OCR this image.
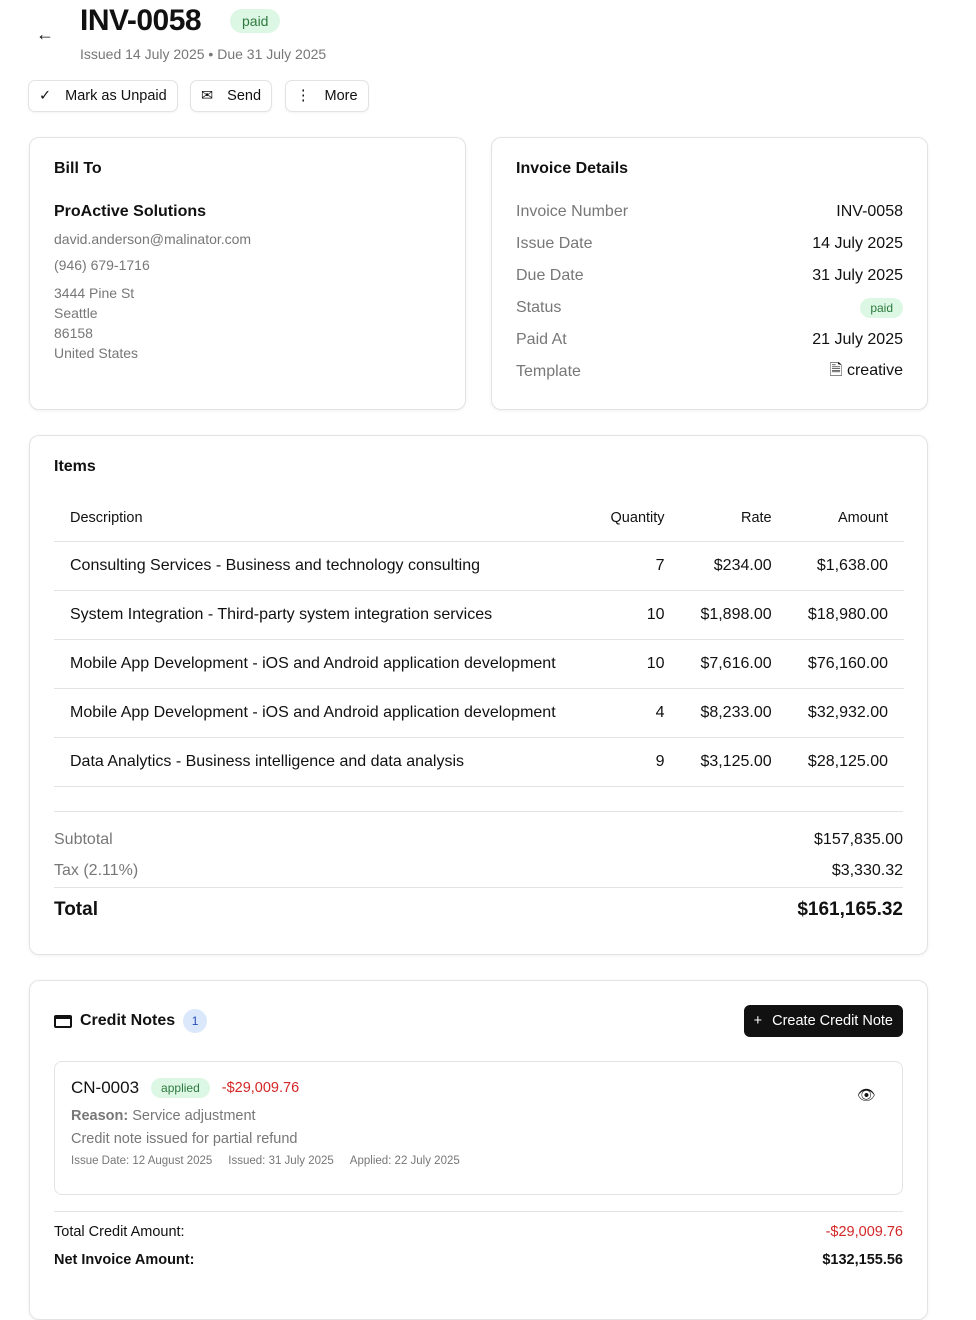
← INV-0058	paid
Issued 14 July 2025 • Due 31 July 2025
✓ Mark as Unpaid ✉ Send ⋮ More
Bill To
ProActive Solutions
david.anderson@malinator.com
(946) 679-1716
3444 Pine St
Seattle
86158
United States
Invoice Details
Invoice Number	INV-0058
Issue Date	14 July 2025
Due Date	31 July 2025
Status	paid
Paid At	21 July 2025
Template	🗎 creative
Items
Description	Quantity	Rate	Amount
Consulting Services - Business and technology consulting	7	$234.00	$1,638.00
System Integration - Third-party system integration services	10	$1,898.00	$18,980.00
Mobile App Development - iOS and Android application development	10	$7,616.00	$76,160.00
Mobile App Development - iOS and Android application development	4	$8,233.00	$32,932.00
Data Analytics - Business intelligence and data analysis	9	$3,125.00	$28,125.00
Subtotal	$157,835.00
Tax (2.11%)	$3,330.32
Total	$161,165.32
Credit Notes	1	+ Create Credit Note
CN-0003	applied	-$29,009.76	👁
Reason: Service adjustment
Credit note issued for partial refund
Issue Date: 12 August 2025 Issued: 31 July 2025 Applied: 22 July 2025
Total Credit Amount:	-$29,009.76
Net Invoice Amount:	$132,155.56
